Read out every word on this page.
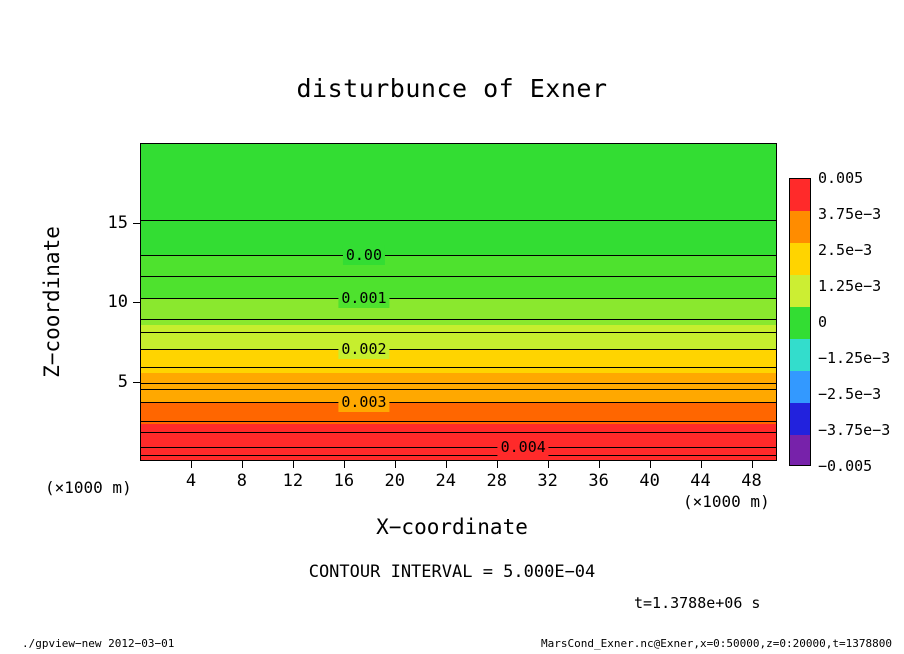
disturbunce of Exner
0.00
0.001
0.002
0.003
0.004
4 8 12 16 20 24 28 32 36 40 44 48
5
10
15
X−coordinate
Z−coordinate
(×1000 m)
(×1000 m)
0.005
3.75e−3
2.5e−3
1.25e−3
0
−1.25e−3
−2.5e−3
−3.75e−3
−0.005
CONTOUR INTERVAL = 5.000E−04
t=1.3788e+06 s
./gpview−new 2012−03−01	MarsCond_Exner.nc@Exner,x=0:50000,z=0:20000,t=1378800
